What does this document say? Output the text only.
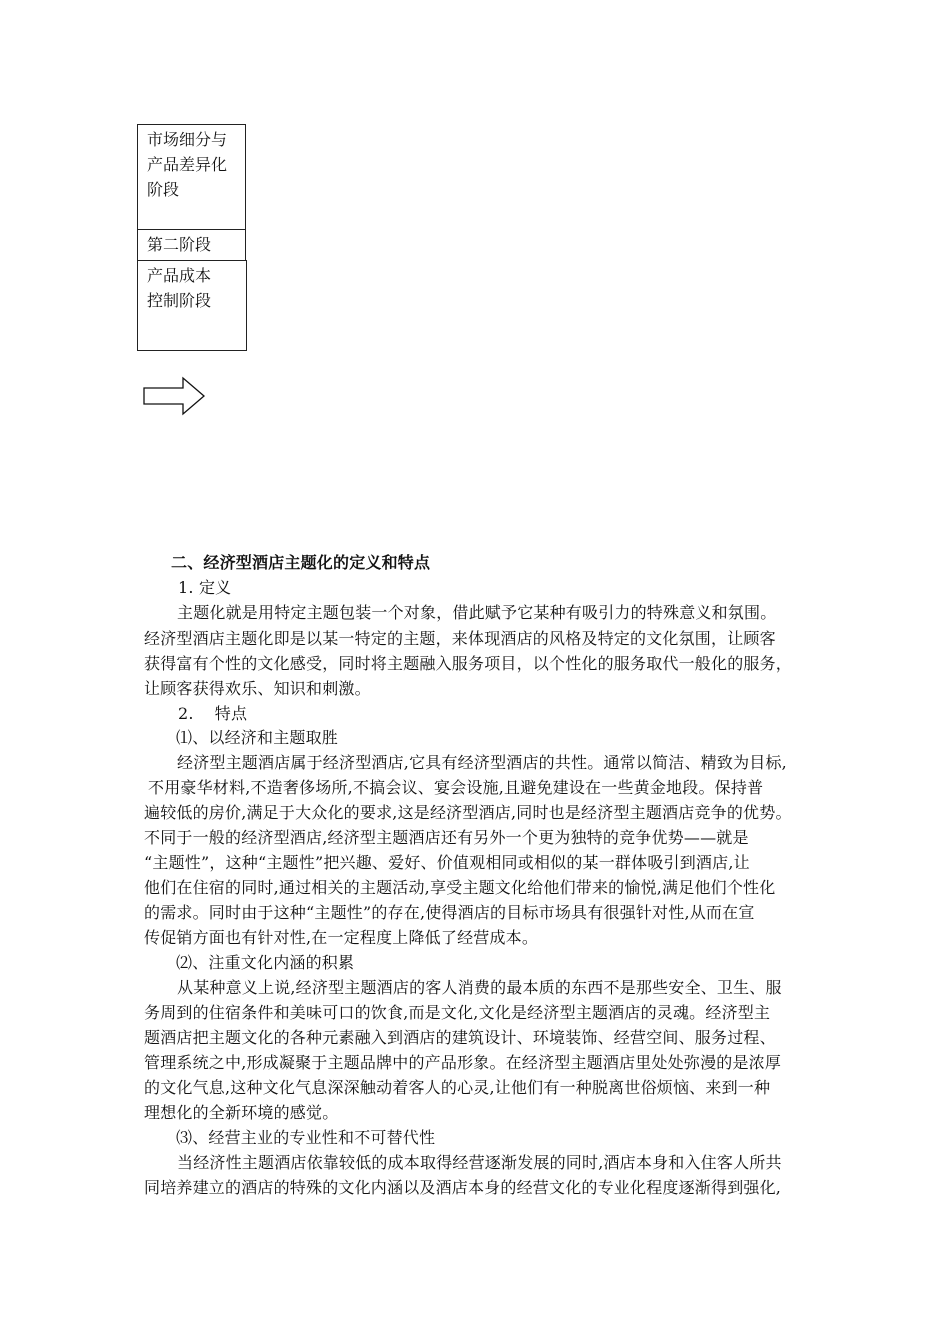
市场细分与
产品差异化
阶段
第二阶段
产品成本
控制阶段
二、经济型酒店主题化的定义和特点
1. 定义
主题化就是用特定主题包装一个对象，借此赋予它某种有吸引力的特殊意义和氛围。
经济型酒店主题化即是以某一特定的主题，来体现酒店的风格及特定的文化氛围，让顾客
获得富有个性的文化感受，同时将主题融入服务项目，以个性化的服务取代一般化的服务，
让顾客获得欢乐、知识和刺激。
2.    特点
⑴、以经济和主题取胜
经济型主题酒店属于经济型酒店,它具有经济型酒店的共性。通常以简洁、精致为目标,
不用豪华材料,不造奢侈场所,不搞会议、宴会设施,且避免建设在一些黄金地段。保持普
遍较低的房价,满足于大众化的要求,这是经济型酒店,同时也是经济型主题酒店竞争的优势。
不同于一般的经济型酒店,经济型主题酒店还有另外一个更为独特的竞争优势——就是
“主题性”，这种“主题性”把兴趣、爱好、价值观相同或相似的某一群体吸引到酒店,让
他们在住宿的同时,通过相关的主题活动,享受主题文化给他们带来的愉悦,满足他们个性化
的需求。同时由于这种“主题性”的存在,使得酒店的目标市场具有很强针对性,从而在宣
传促销方面也有针对性,在一定程度上降低了经营成本。
⑵、注重文化内涵的积累
从某种意义上说,经济型主题酒店的客人消费的最本质的东西不是那些安全、卫生、服
务周到的住宿条件和美味可口的饮食,而是文化,文化是经济型主题酒店的灵魂。经济型主
题酒店把主题文化的各种元素融入到酒店的建筑设计、环境装饰、经营空间、服务过程、
管理系统之中,形成凝聚于主题品牌中的产品形象。在经济型主题酒店里处处弥漫的是浓厚
的文化气息,这种文化气息深深触动着客人的心灵,让他们有一种脱离世俗烦恼、来到一种
理想化的全新环境的感觉。
⑶、经营主业的专业性和不可替代性
当经济性主题酒店依靠较低的成本取得经营逐渐发展的同时,酒店本身和入住客人所共
同培养建立的酒店的特殊的文化内涵以及酒店本身的经营文化的专业化程度逐渐得到强化,
